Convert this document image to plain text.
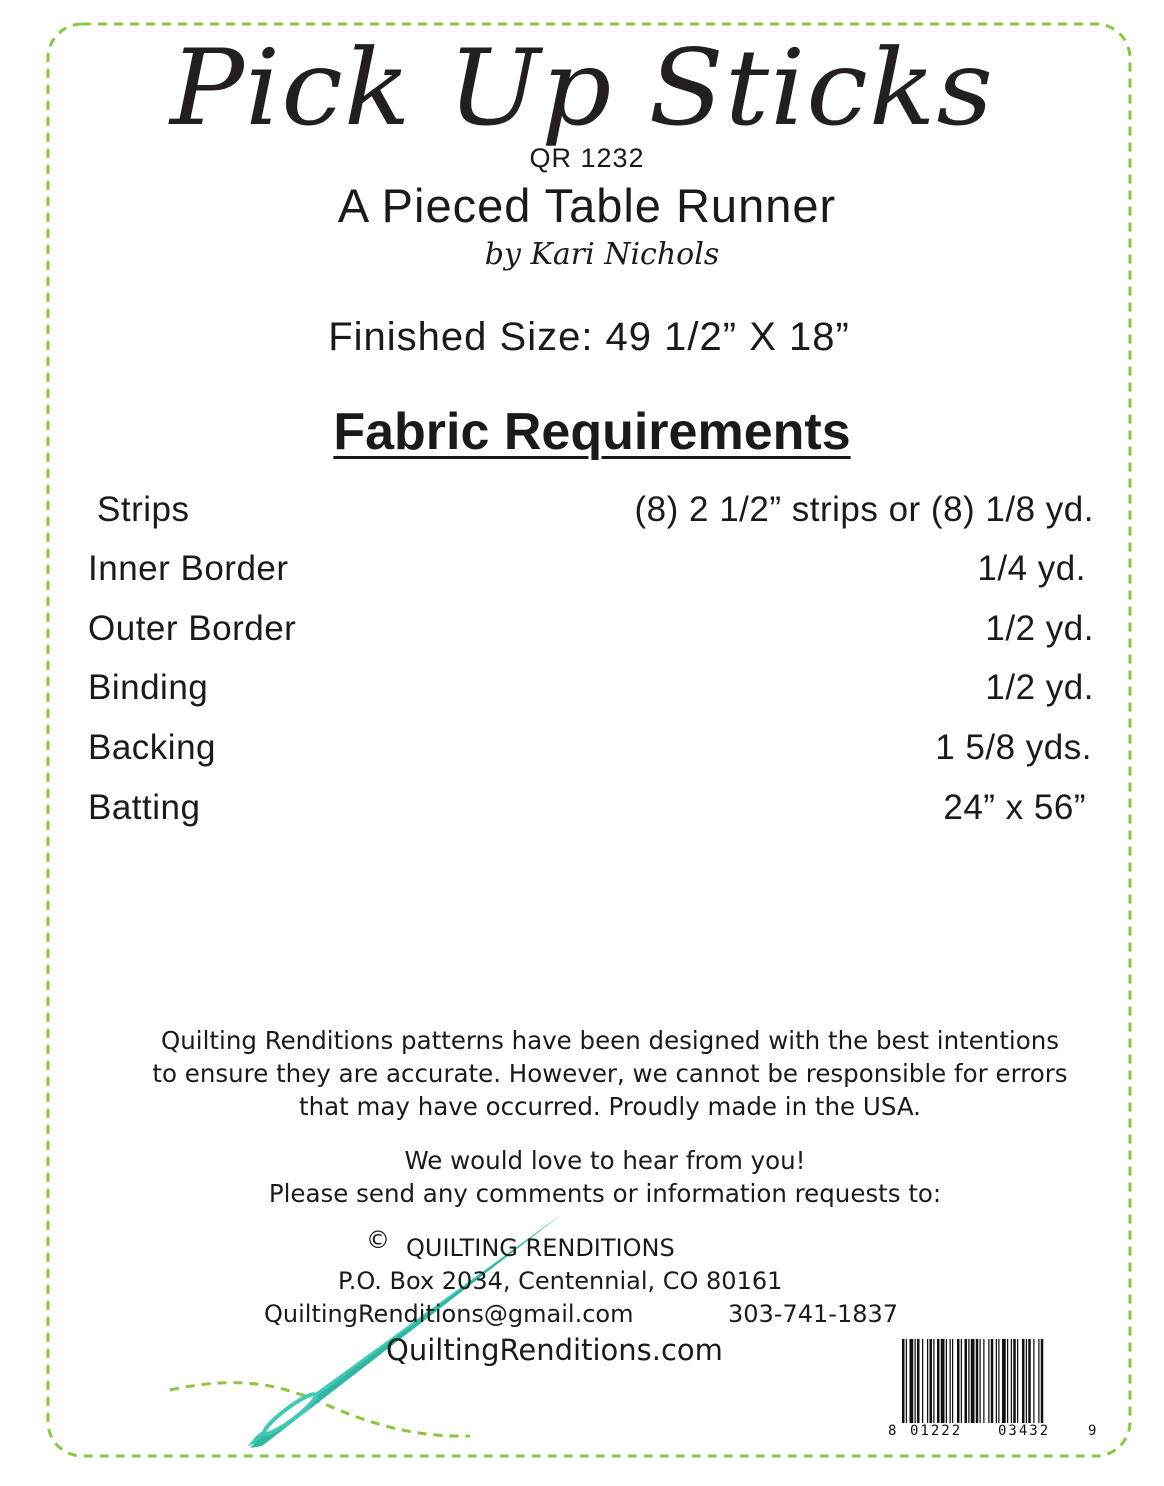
Pick Up Sticks
QR 1232
A Pieced Table Runner
by Kari Nichols
Finished Size: 49 1/2” X 18”
Fabric Requirements
Strips	(8) 2 1/2” strips or (8) 1/8 yd.
Inner Border	1/4 yd.
Outer Border	1/2 yd.
Binding	1/2 yd.
Backing	1 5/8 yds.
Batting	24” x 56”
Quilting Renditions patterns have been designed with the best intentions
to ensure they are accurate. However, we cannot be responsible for errors
that may have occurred. Proudly made in the USA.
We would love to hear from you!
Please send any comments or information requests to:
© QUILTING RENDITIONS
P.O. Box 2034, Centennial, CO 80161
QuiltingRenditions@gmail.com	303-741-1837
QuiltingRenditions.com
8 01222	03432	9
